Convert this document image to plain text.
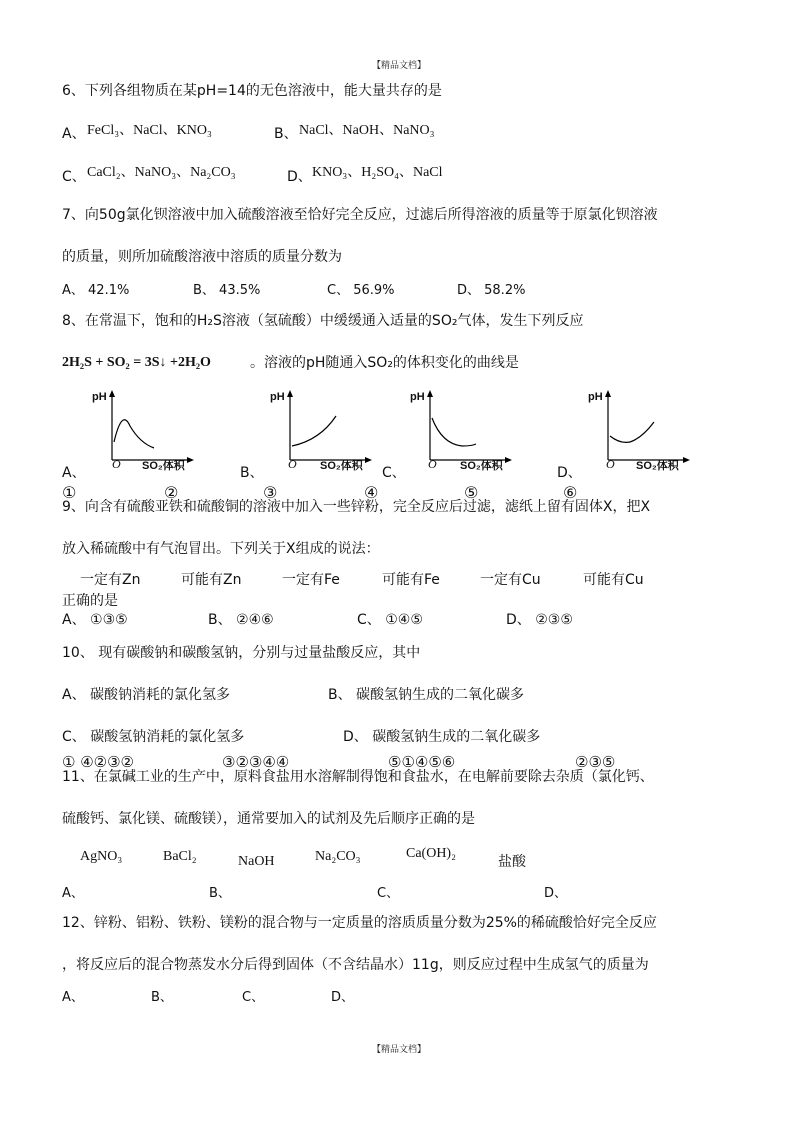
【精品文档】
【精品文档】
6、下列各组物质在某pH=14的无色溶液中，能大量共存的是
A、 FeCl₃、NaCl、KNO₃	B、 NaCl、NaOH、NaNO₃
C、 CaCl₂、NaNO₃、Na₂CO₃	D、 KNO₃、H₂SO₄、NaCl
7、向50g氯化钡溶液中加入硫酸溶液至恰好完全反应，过滤后所得溶液的质量等于原氯化钡溶液
的质量，则所加硫酸溶液中溶质的质量分数为
A、 42.1%	B、 43.5%	C、 56.9%	D、 58.2%
8、在常温下，饱和的H₂S溶液（氢硫酸）中缓缓通入适量的SO₂气体，发生下列反应
2H₂S + SO₂ = 3S↓ +2H₂O	。溶液的pH随通入SO₂的体积变化的曲线是
pH	pH	pH	pH
A、
O SO₂体积	B、
O SO₂体积 C、
O SO₂体积	D、
O SO₂体积
①	②	③	④	⑤	⑥
9、向含有硫酸亚铁和硫酸铜的溶液中加入一些锌粉，完全反应后过滤，滤纸上留有固体X，把X
放入稀硫酸中有气泡冒出。下列关于X组成的说法：
一定有Zn	可能有Zn	一定有Fe	可能有Fe	一定有Cu	可能有Cu
正确的是
A、 ①③⑤	B、 ②④⑥	C、 ①④⑤	D、 ②③⑤
10、 现有碳酸钠和碳酸氢钠，分别与过量盐酸反应，其中
A、 碳酸钠消耗的氯化氢多	B、 碳酸氢钠生成的二氧化碳多
C、 碳酸氢钠消耗的氯化氢多	D、 碳酸氢钠生成的二氧化碳多
① ④②③②	③②③④④	⑤①④⑤⑥	②③⑤
11、在氯碱工业的生产中，原料食盐用水溶解制得饱和食盐水，在电解前要除去杂质（氯化钙、
硫酸钙、氯化镁、硫酸镁），通常要加入的试剂及先后顺序正确的是
AgNO₃	BaCl₂	NaOH	Na₂CO₃	Ca(OH)₂
盐酸
A、	B、	C、	D、
12、锌粉、铝粉、铁粉、镁粉的混合物与一定质量的溶质质量分数为25%的稀硫酸恰好完全反应
，将反应后的混合物蒸发水分后得到固体（不含结晶水）11g，则反应过程中生成氢气的质量为
A、	B、	C、	D、
